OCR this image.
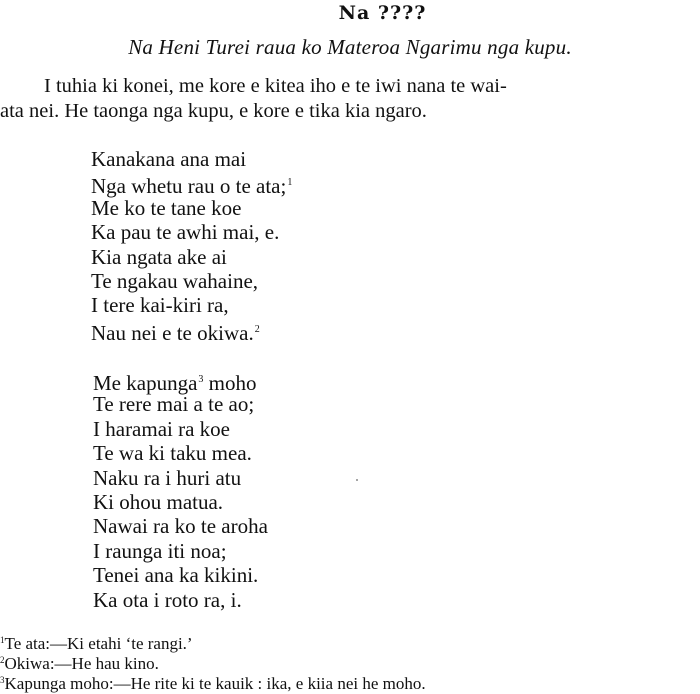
Na ????
Na Heni Turei raua ko Materoa Ngarimu nga kupu.
I tuhia ki konei, me kore e kitea iho e te iwi nana te wai-
ata nei. He taonga nga kupu, e kore e tika kia ngaro.
Kanakana ana mai
Nga whetu rau o te ata;$^1$
Me ko te tane koe
Ka pau te awhi mai, e.
Kia ngata ake ai
Te ngakau wahaine,
I tere kai-kiri ra,
Nau nei e te okiwa.$^2$
Me kapunga$^3$ moho
Te rere mai a te ao;
I haramai ra koe
Te wa ki taku mea.
Naku ra i huri atu
Ki ohou matua.
Nawai ra ko te aroha
I raunga iti noa;
Tenei ana ka kikini.
Ka ota i roto ra, i.
$^1$Te ata:—Ki etahi ‘te rangi.’
$^2$Okiwa:—He hau kino.
$^3$Kapunga moho:—He rite ki te kauik : ika, e kiia nei he moho.
